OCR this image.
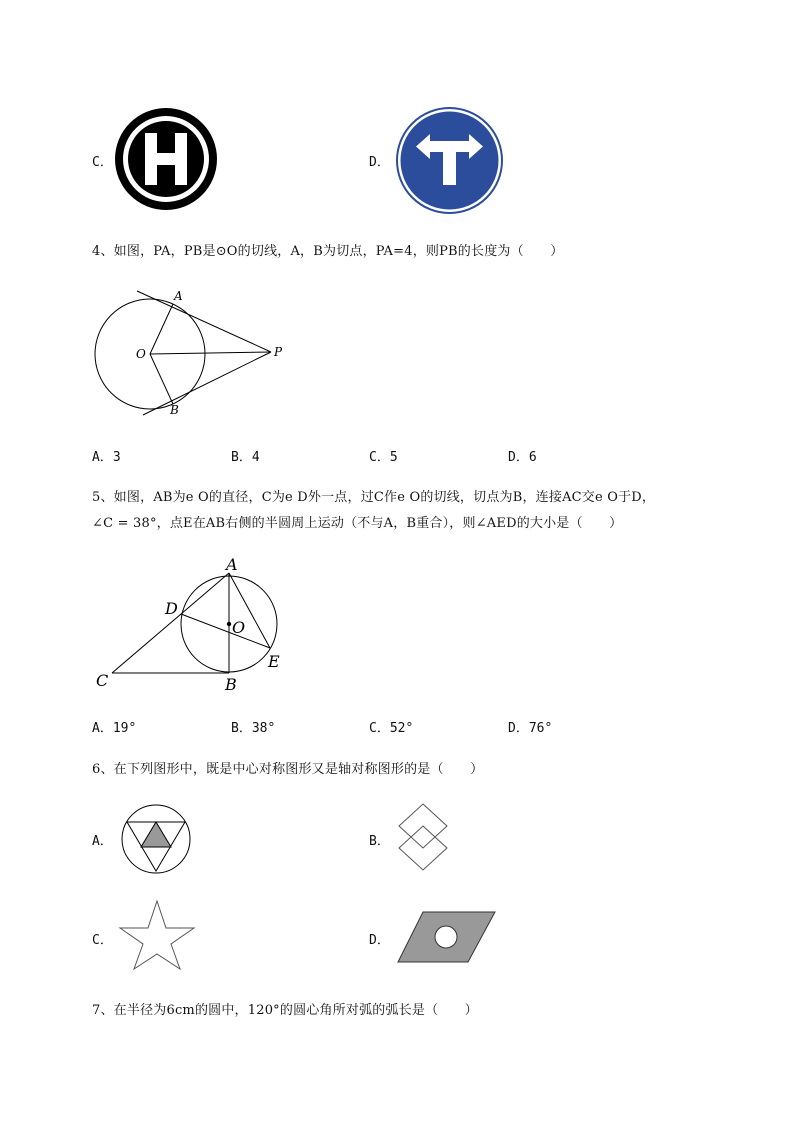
C．	D．
4、如图，PA，PB是⊙O的切线，A，B为切点，PA=4，则PB的长度为（　　）
A
B
O	P
A．3	B．4	C．5	D．6
5、如图，AB为e O的直径，C为e D外一点，过C作e O的切线，切点为B，连接AC交e O于D，
∠C = 38°，点E在AB右侧的半圆周上运动（不与A，B重合），则∠AED的大小是（　　）
A
B
C
D
E
O
A．19°	B．38°	C．52°	D．76°
6、在下列图形中，既是中心对称图形又是轴对称图形的是（　　）
A．	B．
C．	D．
7、在半径为6cm的圆中，120°的圆心角所对弧的弧长是（　　）
